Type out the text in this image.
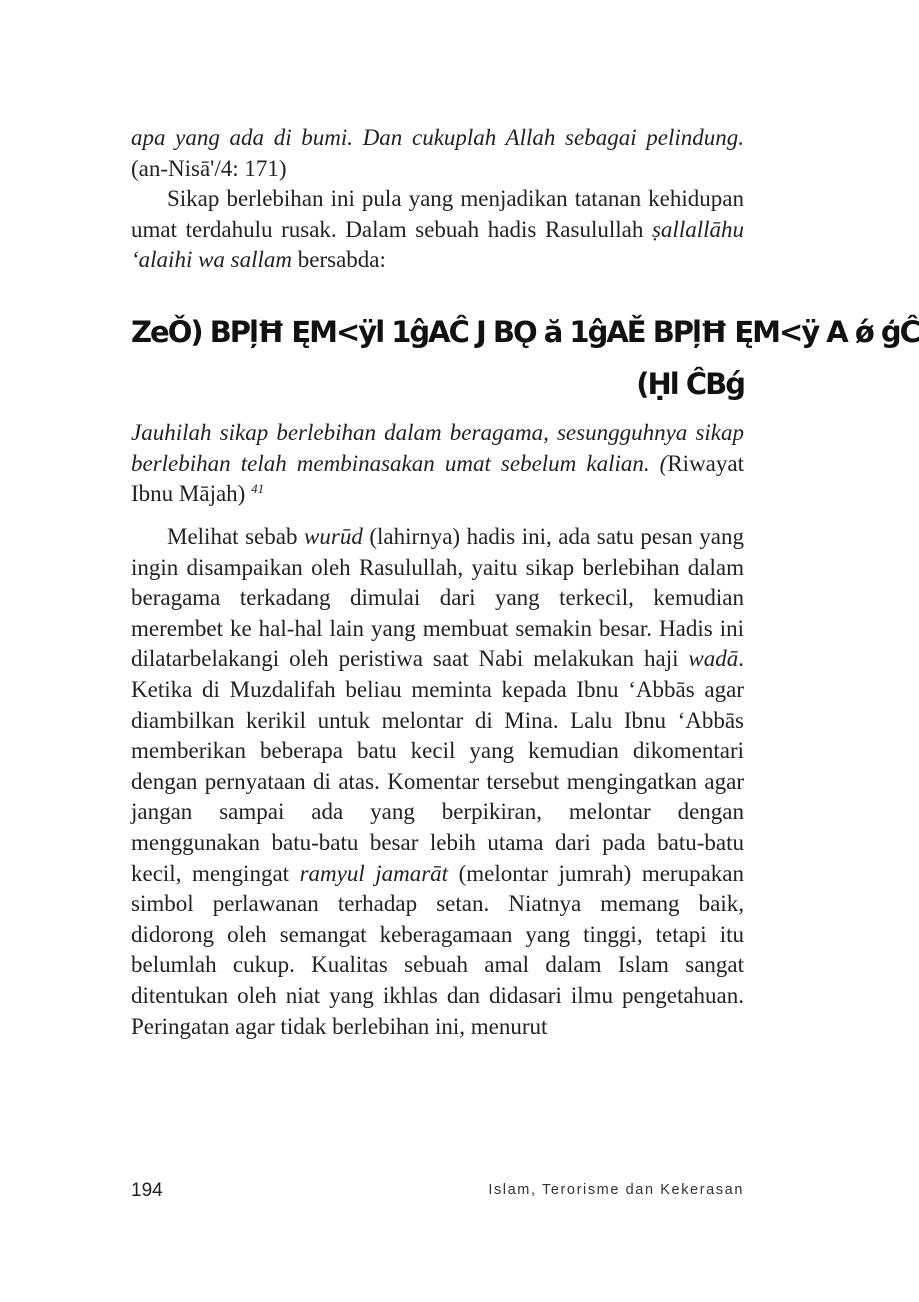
apa yang ada di bumi. Dan cukuplah Allah sebagai pelindung. (an-Nisā'/4: 171)

Sikap berlebihan ini pula yang menjadikan tatanan kehidupan umat terdahulu rusak. Dalam sebuah hadis Rasulullah ṣallallāhu ‘alaihi wa sallam bersabda:

ZeǑ) ΒΡļĦ ĘΜ<ÿl 1ĝΑĈ J ΒǪ ă 1ĝΑĚ ΒΡļĦ ĘΜ<ÿ Α ǿ ģĈ
(Ḥl ĈΒǵ

Jauhilah sikap berlebihan dalam beragama, sesungguhnya sikap berlebihan telah membinasakan umat sebelum kalian. (Riwayat Ibnu Mājah) $^{41}$

Melihat sebab wurūd (lahirnya) hadis ini, ada satu pesan yang ingin disampaikan oleh Rasulullah, yaitu sikap berlebihan dalam beragama terkadang dimulai dari yang terkecil, kemudian merembet ke hal-hal lain yang membuat semakin besar. Hadis ini dilatarbelakangi oleh peristiwa saat Nabi melakukan haji wadā. Ketika di Muzdalifah beliau meminta kepada Ibnu ‘Abbās agar diambilkan kerikil untuk melontar di Mina. Lalu Ibnu ‘Abbās memberikan beberapa batu kecil yang kemudian dikomentari dengan pernyataan di atas. Komentar tersebut mengingatkan agar jangan sampai ada yang berpikiran, melontar dengan menggunakan batu-batu besar lebih utama dari pada batu-batu kecil, mengingat ramyul jamarāt (melontar jumrah) merupakan simbol perlawanan terhadap setan. Niatnya memang baik, didorong oleh semangat keberagamaan yang tinggi, tetapi itu belumlah cukup. Kualitas sebuah amal dalam Islam sangat ditentukan oleh niat yang ikhlas dan didasari ilmu pengetahuan. Peringatan agar tidak berlebihan ini, menurut

194	Islam, Terorisme dan Kekerasan
